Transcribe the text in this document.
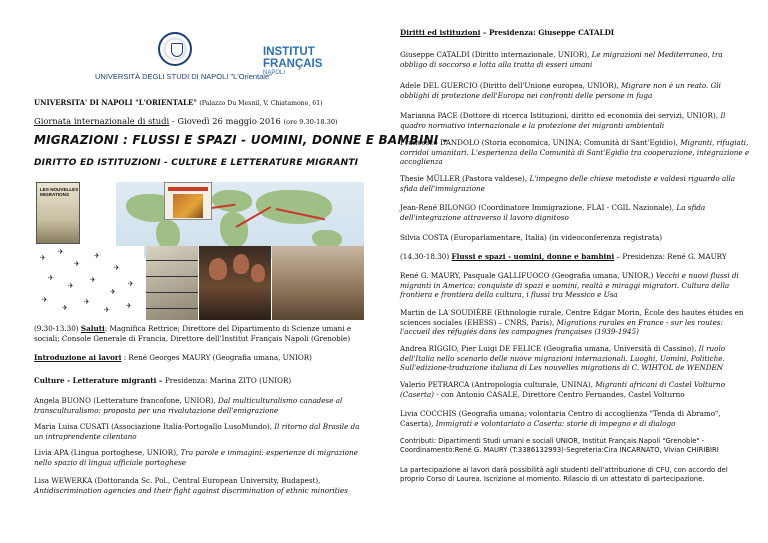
UNIVERSITÀ DEGLI STUDI DI NAPOLI "L'Orientale"
INSTITUT
FRANÇAIS
NAPOLI
UNIVERSITA' DI NAPOLI "L'ORIENTALE" (Palazzo Du Mesnil, V. Chiatamone, 61)
Giornata internazionale di studi - Giovedì 26 maggio 2016 (ore 9.30-18.30)
MIGRAZIONI : FLUSSI E SPAZI - UOMINI, DONNE E BAMBINI -
DIRITTO ED ISTITUZIONI - CULTURE E LETTERATURE MIGRANTI
LES NOUVELLES MIGRATIONS
✈
✈
✈
✈
✈
✈
✈
✈
✈
✈
✈
✈
✈
✈ ✈
(9.30-13.30) Saluti: Magnifica Rettrice; Direttore del Dipartimento di Scienze umani e sociali; Console Generale di Francia, Direttore dell'Institut Français Napoli (Grenoble)
Introduzione ai lavori : René Georges MAURY (Geografia umana, UNIOR)
Culture - Letterature migranti – Presidenza: Marina ZITO (UNIOR)
Angela BUONO (Letterature francofone, UNIOR), Dal multiculturalismo canadese al transculturalismo: proposta per una rivalutazione dell'emigrazione
Maria Luisa CUSATI (Associazione Italia-Portogallo LusoMundo), Il ritorno dal Brasile da un intraprendente cilentano
Livia APA (Lingua portoghese, UNIOR), Tra parole e immagini: esperienze di migrazione nello spazio di lingua ufficiale portoghese
Lisa WEWERKA (Dottoranda Sc. Pol., Central European University, Budapest), Antidiscrimination agencies and their fight against discrimination of ethnic minorities
Diritti ed istituzioni – Presidenza: Giuseppe CATALDI
Giuseppe CATALDI (Diritto internazionale, UNIOR), Le migrazioni nel Mediterraneo, tra obbligo di soccorso e lotta alla tratta di esseri umani
Adele DEL GUERCIO (Diritto dell'Unione europea, UNIOR), Migrare non è un reato. Gli obblighi di protezione dell'Europa nei confronti delle persone in fuga
Marianna PACE (Dottore di ricerca Istituzioni, diritto ed economia dei servizi, UNIOR), Il quadro normativo internazionale e la protezione dei migranti ambientali
Francesco DANDOLO (Storia economica, UNINA; Comunità di Sant'Egidio), Migranti, rifugiati, corridoi umanitari. L'esperienza della Comunità di Sant'Egidio tra cooperazione, integrazione e accoglienza
Thesie MÜLLER (Pastora valdese), L'impegno delle chiese metodiste e valdesi riguardo alla sfida dell'immigrazione
Jean-René BILONGO (Coordinatore Immigrazione, FLAI - CGIL Nazionale), La sfida dell'integrazione attraverso il lavoro dignitoso
Silvia COSTA (Europarlamentare, Italia) (in videoconferenza registrata)
(14.30-18.30) Flussi e spazi - uomini, donne e bambini – Presidenza: René G. MAURY
René G. MAURY, Pasquale GALLIFUOCO (Geografia umana, UNIOR,) Vecchi e nuovi flussi di migranti in America: conquiste di spazi e uomini, realtà e miraggi migratori. Cultura della frontiera e frontiera della cultura, i flussi tra Messico e Usa
Martin de LA SOUDIÈRE (Ethnologie rurale, Centre Edgar Morin, École des hautes études en sciences sociales (EHESS) – CNRS, Paris), Migrations rurales en France - sur les routes: l'accueil des réfugiés dans les campagnes françaises (1939-1945)
Andrea RIGGIO, Pier Luigi DE FELICE (Geografia umana, Università di Cassino), Il ruolo dell'Italia nello scenario delle nuove migrazioni internazionali. Luoghi, Uomini, Politiche. Sull'edizione-traduzione italiana di Les nouvelles migrations di C. WIHTOL de WENDEN
Valerio PETRARCA (Antropologia culturale, UNINA), Migranti africani di Castel Volturno (Caserta) - con Antonio CASALE, Direttore Centro Fernandes, Castel Volturno
Livia COCCHIS (Geografia umana; volontaria Centro di accoglienza "Tenda di Abramo", Caserta), Immigrati e volontariato a Caserta: storie di impegno e di dialogo
Contributi: Dipartimenti Studi umani e sociali UNIOR, Institut Français Napoli "Grenoble" - Coordinamento:René G. MAURY (T:3386132993)-Segreteria:Cira INCARNATO, Vivian CHIRIBIRI
La partecipazione ai lavori darà possibilità agli studenti dell'attribuzione di CFU, con accordo del proprio Corso di Laurea. Iscrizione al momento. Rilascio di un attestato di partecipazione.
